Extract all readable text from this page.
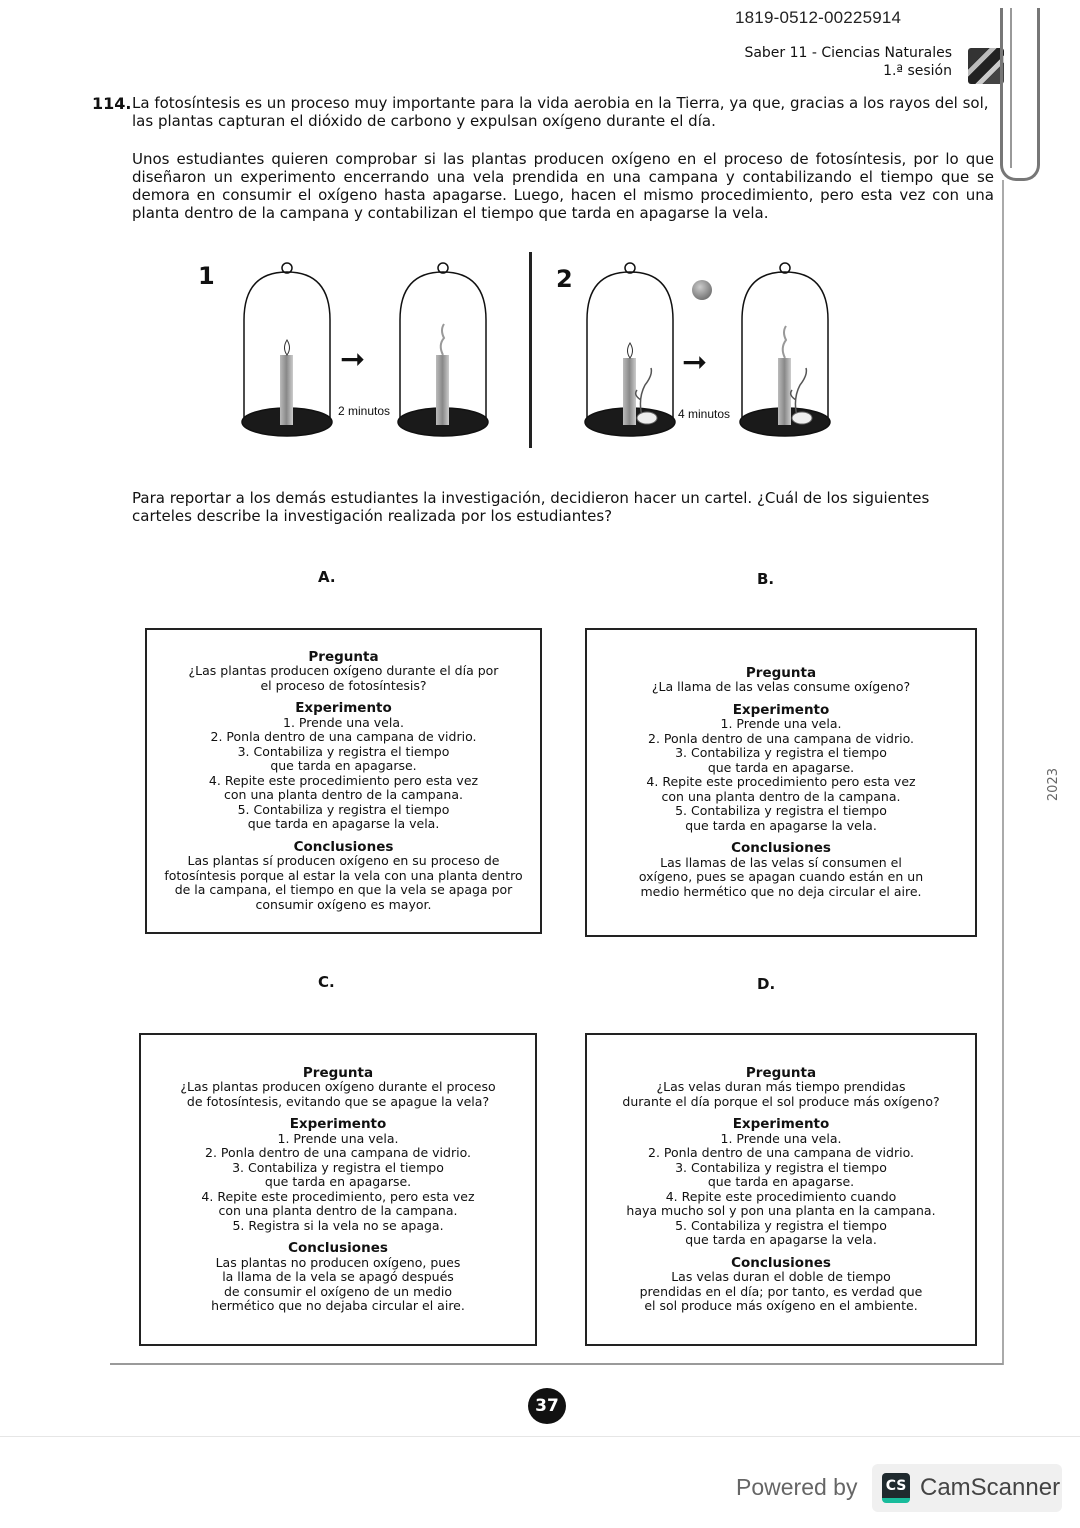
1819-0512-00225914
Saber 11 - Ciencias Naturales
1.ª sesión
2023
114. La fotosíntesis es un proceso muy importante para la vida aerobia en la Tierra, ya que, gracias a los rayos del sol, las plantas capturan el dióxido de carbono y expulsan oxígeno durante el día.
Unos estudiantes quieren comprobar si las plantas producen oxígeno en el proceso de fotosíntesis, por lo que diseñaron un experimento encerrando una vela prendida en una campana y contabilizando el tiempo que se demora en consumir el oxígeno hasta apagarse. Luego, hacen el mismo procedimiento, pero esta vez con una planta dentro de la campana y contabilizan el tiempo que tarda en apagarse la vela.
1
➞
2 minutos
2
➞
4 minutos
Para reportar a los demás estudiantes la investigación, decidieron hacer un cartel. ¿Cuál de los siguientes carteles describe la investigación realizada por los estudiantes?
A.	B.
C.	D.
Pregunta
¿Las plantas producen oxígeno durante el día por
el proceso de fotosíntesis?
Experimento
1. Prende una vela.
2. Ponla dentro de una campana de vidrio.
3. Contabiliza y registra el tiempo
que tarda en apagarse.
4. Repite este procedimiento pero esta vez
con una planta dentro de la campana.
5. Contabiliza y registra el tiempo
que tarda en apagarse la vela.
Conclusiones
Las plantas sí producen oxígeno en su proceso de
fotosíntesis porque al estar la vela con una planta dentro
de la campana, el tiempo en que la vela se apaga por
consumir oxígeno es mayor.
Pregunta
¿La llama de las velas consume oxígeno?
Experimento
1. Prende una vela.
2. Ponla dentro de una campana de vidrio.
3. Contabiliza y registra el tiempo
que tarda en apagarse.
4. Repite este procedimiento pero esta vez
con una planta dentro de la campana.
5. Contabiliza y registra el tiempo
que tarda en apagarse la vela.
Conclusiones
Las llamas de las velas sí consumen el
oxígeno, pues se apagan cuando están en un
medio hermético que no deja circular el aire.
Pregunta
¿Las plantas producen oxígeno durante el proceso
de fotosíntesis, evitando que se apague la vela?
Experimento
1. Prende una vela.
2. Ponla dentro de una campana de vidrio.
3. Contabiliza y registra el tiempo
que tarda en apagarse.
4. Repite este procedimiento, pero esta vez
con una planta dentro de la campana.
5. Registra si la vela no se apaga.
Conclusiones
Las plantas no producen oxígeno, pues
la llama de la vela se apagó después
de consumir el oxígeno de un medio
hermético que no dejaba circular el aire.
Pregunta
¿Las velas duran más tiempo prendidas
durante el día porque el sol produce más oxígeno?
Experimento
1. Prende una vela.
2. Ponla dentro de una campana de vidrio.
3. Contabiliza y registra el tiempo
que tarda en apagarse.
4. Repite este procedimiento cuando
haya mucho sol y pon una planta en la campana.
5. Contabiliza y registra el tiempo
que tarda en apagarse la vela.
Conclusiones
Las velas duran el doble de tiempo
prendidas en el día; por tanto, es verdad que
el sol produce más oxígeno en el ambiente.
37
Powered by CS CamScanner
